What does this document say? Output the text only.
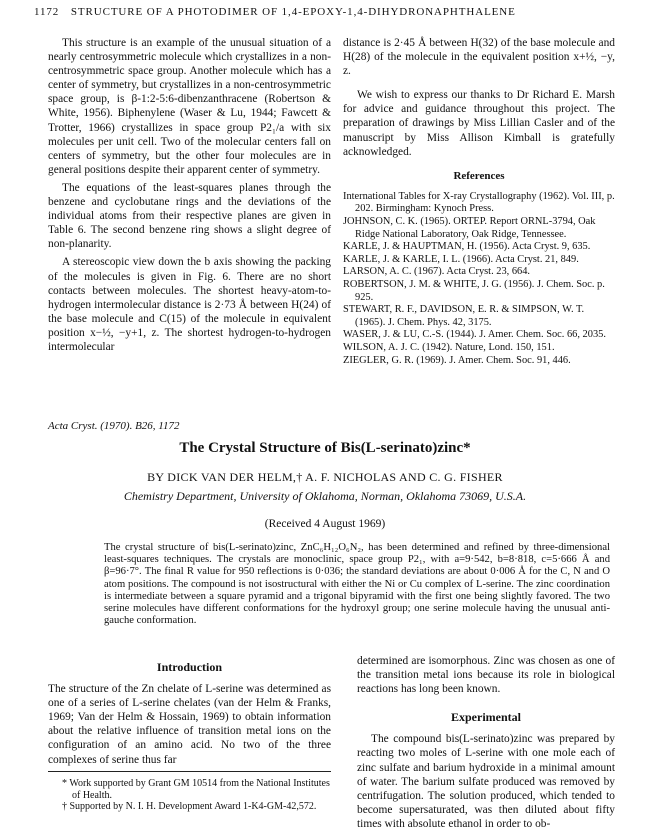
1172 STRUCTURE OF A PHOTODIMER OF 1,4-EPOXY-1,4-DIHYDRONAPHTHALENE

This structure is an example of the unusual situation of a nearly centrosymmetric molecule which crystallizes in a non-centrosymmetric space group. Another molecule which has a center of symmetry, but crystallizes in a non-centrosymmetric space group, is β-1:2-5:6-dibenzanthracene (Robertson & White, 1956). Biphenylene (Waser & Lu, 1944; Fawcett & Trotter, 1966) crystallizes in space group P2₁/a with six molecules per unit cell. Two of the molecular centers fall on centers of symmetry, but the other four molecules are in general positions despite their apparent center of symmetry.

The equations of the least-squares planes through the benzene and cyclobutane rings and the deviations of the individual atoms from their respective planes are given in Table 6. The second benzene ring shows a slight degree of non-planarity.

A stereoscopic view down the b axis showing the packing of the molecules is given in Fig. 6. There are no short contacts between molecules. The shortest heavy-atom-to-hydrogen intermolecular distance is 2·73 Å between H(24) of the base molecule and C(15) of the molecule in equivalent position x−½, −y+1, z. The shortest hydrogen-to-hydrogen intermolecular

distance is 2·45 Å between H(32) of the base molecule and H(28) of the molecule in the equivalent position x+½, −y, z.

We wish to express our thanks to Dr Richard E. Marsh for advice and guidance throughout this project. The preparation of drawings by Miss Lillian Casler and of the manuscript by Miss Allison Kimball is gratefully acknowledged.

References
International Tables for X-ray Crystallography (1962). Vol. III, p. 202. Birmingham: Kynoch Press.
JOHNSON, C. K. (1965). ORTEP. Report ORNL-3794, Oak Ridge National Laboratory, Oak Ridge, Tennessee.
KARLE, J. & HAUPTMAN, H. (1956). Acta Cryst. 9, 635.
KARLE, J. & KARLE, I. L. (1966). Acta Cryst. 21, 849.
LARSON, A. C. (1967). Acta Cryst. 23, 664.
ROBERTSON, J. M. & WHITE, J. G. (1956). J. Chem. Soc. p. 925.
STEWART, R. F., DAVIDSON, E. R. & SIMPSON, W. T. (1965). J. Chem. Phys. 42, 3175.
WASER, J. & LU, C.-S. (1944). J. Amer. Chem. Soc. 66, 2035.
WILSON, A. J. C. (1942). Nature, Lond. 150, 151.
ZIEGLER, G. R. (1969). J. Amer. Chem. Soc. 91, 446.
Acta Cryst. (1970). B26, 1172
The Crystal Structure of Bis(L-serinato)zinc*
BY DICK VAN DER HELM,† A. F. NICHOLAS AND C. G. FISHER
Chemistry Department, University of Oklahoma, Norman, Oklahoma 73069, U.S.A.
(Received 4 August 1969)
The crystal structure of bis(L-serinato)zinc, ZnC₆H₁₂O₆N₂, has been determined and refined by three-dimensional least-squares techniques. The crystals are monoclinic, space group P2₁, with a=9·542, b=8·818, c=5·666 Å and β=96·7°. The final R value for 950 reflections is 0·036; the standard deviations are about 0·006 Å for the C, N and O atom positions. The compound is not isostructural with either the Ni or Cu complex of L-serine. The zinc coordination is intermediate between a square pyramid and a trigonal bipyramid with the first one being slightly favored. The two serine molecules have different conformations for the hydroxyl group; one serine molecule having the unusual anti-gauche conformation.
Introduction

The structure of the Zn chelate of L-serine was determined as one of a series of L-serine chelates (van der Helm & Franks, 1969; Van der Helm & Hossain, 1969) to obtain information about the relative influence of transition metal ions on the configuration of an amino acid. No two of the three complexes of serine thus far

determined are isomorphous. Zinc was chosen as one of the transition metal ions because its role in biological reactions has long been known.

Experimental

The compound bis(L-serinato)zinc was prepared by reacting two moles of L-serine with one mole each of zinc sulfate and barium hydroxide in a minimal amount of water. The barium sulfate produced was removed by centrifugation. The solution produced, which tended to become supersaturated, was then diluted about fifty times with absolute ethanol in order to ob-

* Work supported by Grant GM 10514 from the National Institutes of Health.
† Supported by N. I. H. Development Award 1-K4-GM-42,572.
